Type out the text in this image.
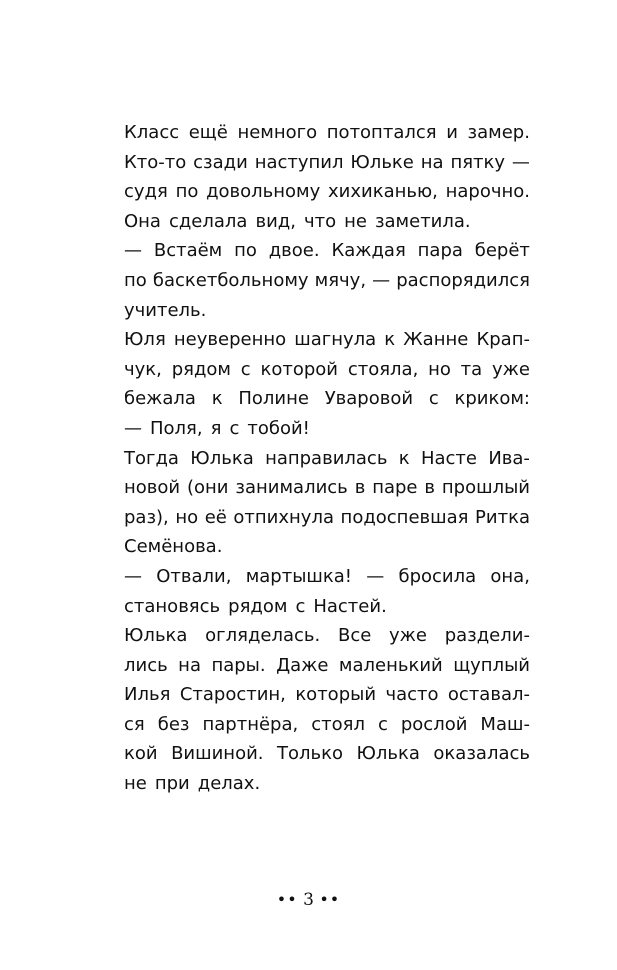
Класс ещё немного потоптался и замер.
Кто-то сзади наступил Юльке на пятку —
судя по довольному хихиканью, нарочно.
Она сделала вид, что не заметила.
— Встаём по двое. Каждая пара берёт
по баскетбольному мячу, — распорядился
учитель.
Юля неуверенно шагнула к Жанне Крап-
чук, рядом с которой стояла, но та уже
бежала к Полине Уваровой с криком:
— Поля, я с тобой!
Тогда Юлька направилась к Насте Ива-
новой (они занимались в паре в прошлый
раз), но её отпихнула подоспевшая Ритка
Семёнова.
— Отвали, мартышка! — бросила она,
становясь рядом с Настей.
Юлька огляделась. Все уже раздели-
лись на пары. Даже маленький щуплый
Илья Старостин, который часто оставал-
ся без партнёра, стоял с рослой Маш-
кой Вишиной. Только Юлька оказалась
не при делах.
•• 3 ••
